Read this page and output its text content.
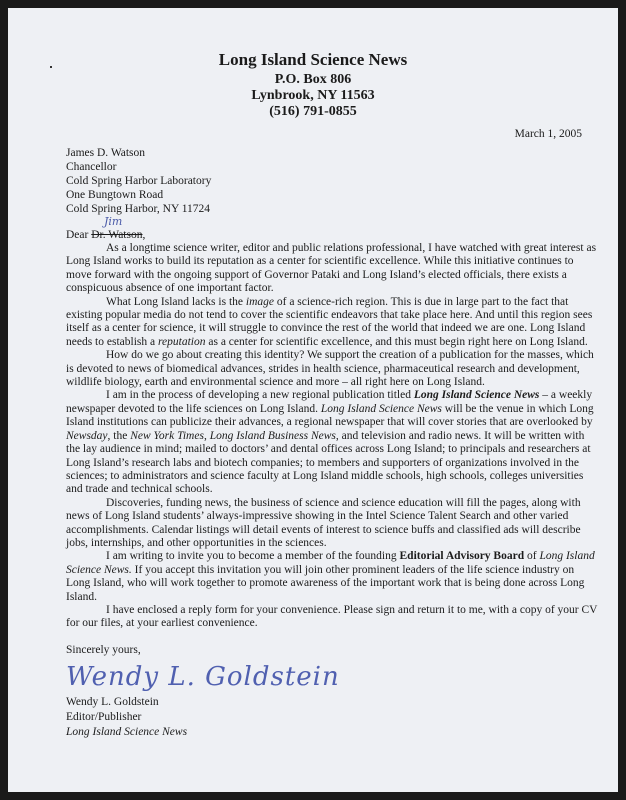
Long Island Science News
P.O. Box 806
Lynbrook, NY 11563
(516) 791-0855
March 1, 2005
James D. Watson
Chancellor
Cold Spring Harbor Laboratory
One Bungtown Road
Cold Spring Harbor, NY 11724
Jim
Dear Dr. Watson,

As a longtime science writer, editor and public relations professional, I have watched with great interest as Long Island works to build its reputation as a center for scientific excellence. While this initiative continues to move forward with the ongoing support of Governor Pataki and Long Island’s elected officials, there exists a conspicuous absence of one important factor.

What Long Island lacks is the image of a science-rich region. This is due in large part to the fact that existing popular media do not tend to cover the scientific endeavors that take place here. And until this region sees itself as a center for science, it will struggle to convince the rest of the world that indeed we are one. Long Island needs to establish a reputation as a center for scientific excellence, and this must begin right here on Long Island.

How do we go about creating this identity? We support the creation of a publication for the masses, which is devoted to news of biomedical advances, strides in health science, pharmaceutical research and development, wildlife biology, earth and environmental science and more – all right here on Long Island.

I am in the process of developing a new regional publication titled Long Island Science News – a weekly newspaper devoted to the life sciences on Long Island. Long Island Science News will be the venue in which Long Island institutions can publicize their advances, a regional newspaper that will cover stories that are overlooked by Newsday, the New York Times, Long Island Business News, and television and radio news. It will be written with the lay audience in mind; mailed to doctors’ and dental offices across Long Island; to principals and researchers at Long Island’s research labs and biotech companies; to members and supporters of organizations involved in the sciences; to administrators and science faculty at Long Island middle schools, high schools, colleges universities and trade and technical schools.

Discoveries, funding news, the business of science and science education will fill the pages, along with news of Long Island students’ always-impressive showing in the Intel Science Talent Search and other varied accomplishments. Calendar listings will detail events of interest to science buffs and classified ads will describe jobs, internships, and other opportunities in the sciences.

I am writing to invite you to become a member of the founding Editorial Advisory Board of Long Island Science News. If you accept this invitation you will join other prominent leaders of the life science industry on Long Island, who will work together to promote awareness of the important work that is being done across Long Island.

I have enclosed a reply form for your convenience. Please sign and return it to me, with a copy of your CV for our files, at your earliest convenience.

Sincerely yours,
Wendy L. Goldstein
Wendy L. Goldstein
Editor/Publisher
Long Island Science News
